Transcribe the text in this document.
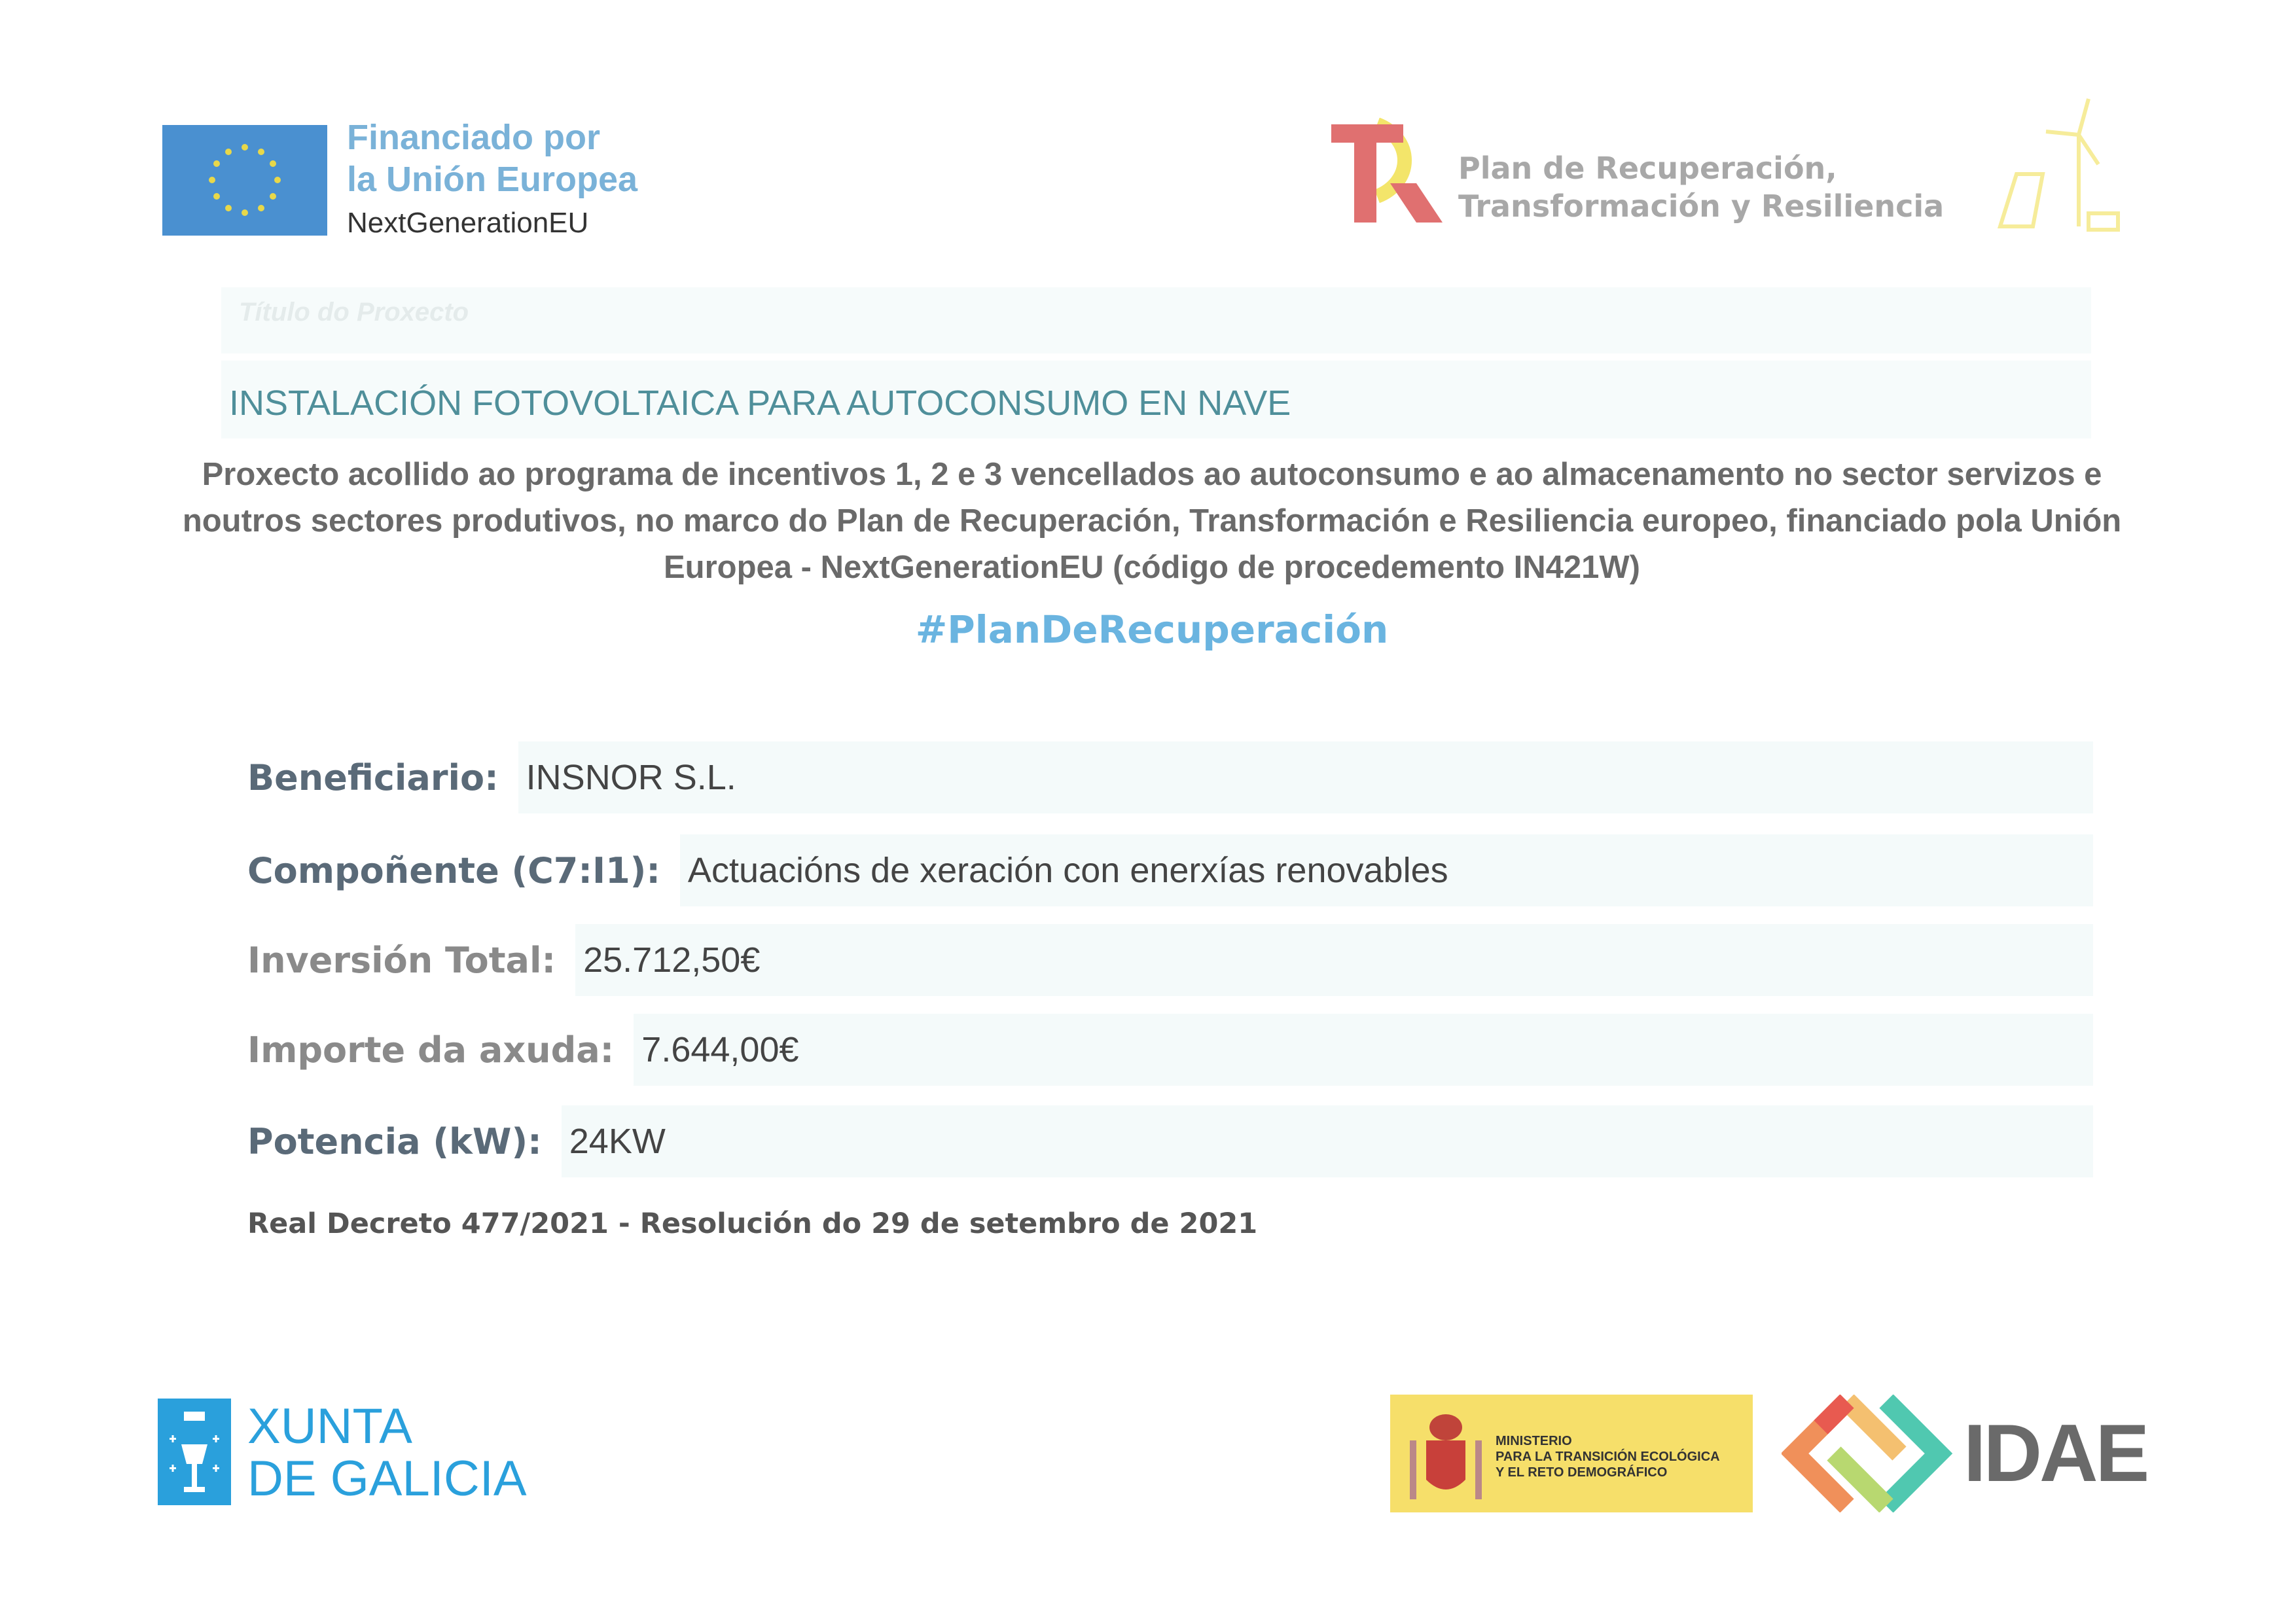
Financiado por
la Unión Europea
NextGenerationEU
Plan de Recuperación,
Transformación y Resiliencia
Título do Proxecto
INSTALACIÓN FOTOVOLTAICA PARA AUTOCONSUMO EN NAVE
Proxecto acollido ao programa de incentivos 1, 2 e 3 vencellados ao autoconsumo e ao almacenamento no sector servizos e noutros sectores produtivos, no marco do Plan de Recuperación, Transformación e Resiliencia europeo, financiado pola Unión Europea - NextGenerationEU (código de procedemento IN421W)
#PlanDeRecuperación
Beneficiario: INSNOR S.L.
Compoñente (C7:I1): Actuacións de xeración con enerxías renovables
Inversión Total: 25.712,50€
Importe da axuda: 7.644,00€
Potencia (kW): 24KW
Real Decreto 477/2021 - Resolución do 29 de setembro de 2021
XUNTA
DE GALICIA
MINISTERIO
PARA LA TRANSICIÓN ECOLÓGICA
Y EL RETO DEMOGRÁFICO	IDAE
